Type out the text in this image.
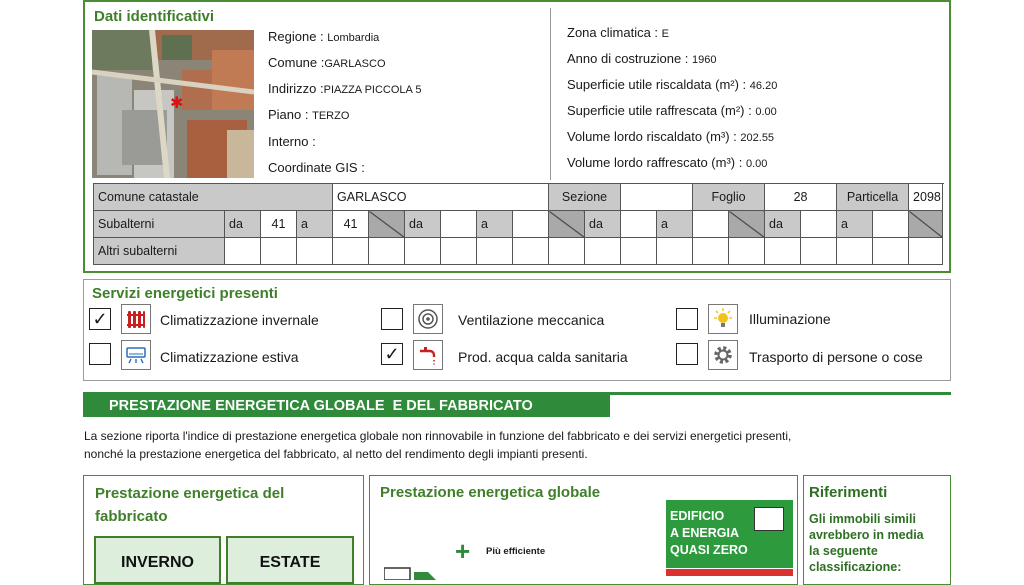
Dati identificativi
✱
Regione : Lombardia
Comune :GARLASCO
Indirizzo :PIAZZA PICCOLA 5
Piano : TERZO
Interno :
Coordinate GIS :
Zona climatica : E
Anno di costruzione : 1960
Superficie utile riscaldata (m²) : 46.20
Superficie utile raffrescata (m²) : 0.00
Volume lordo riscaldato (m³) : 202.55
Volume lordo raffrescato (m³) : 0.00
Comune catastale				GARLASCO						Sezione				Foglio		28		Particella		2098
Subalterni	da	41	a	41		da		a			da		a			da		a		
Altri subalterni																				
Servizi energetici presenti
✓	Climatizzazione invernale
Climatizzazione estiva
Ventilazione meccanica
✓	Prod. acqua calda sanitaria
Illuminazione
Trasporto di persone o cose
PRESTAZIONE ENERGETICA GLOBALE  E DEL FABBRICATO
La sezione riporta l'indice di prestazione energetica globale non rinnovabile in funzione del fabbricato e dei servizi energetici presenti,
nonché la prestazione energetica del fabbricato, al netto del rendimento degli impianti presenti.
Prestazione energetica del
fabbricato
INVERNO	ESTATE
Prestazione energetica globale
+ Più efficiente
EDIFICIO
A ENERGIA
QUASI ZERO
Riferimenti
Gli immobili simili
avrebbero in media
la seguente
classificazione:
